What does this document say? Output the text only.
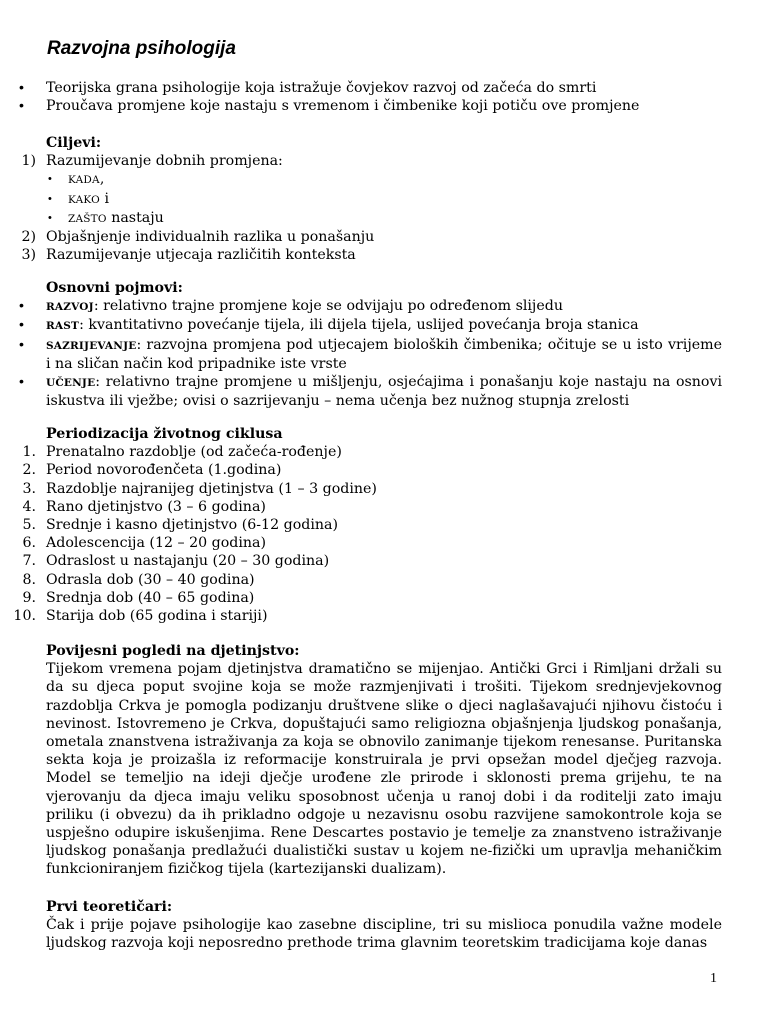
Razvojna psihologija
• Teorijska grana psihologije koja istražuje čovjekov razvoj od začeća do smrti
• Proučava promjene koje nastaju s vremenom i čimbenike koji potiču ove promjene
Ciljevi:
1) Razumijevanje dobnih promjena:
• KADA,
• KAKO i
• ZAŠTO nastaju
2) Objašnjenje individualnih razlika u ponašanju
3) Razumijevanje utjecaja različitih konteksta
Osnovni pojmovi:
• RAZVOJ: relativno trajne promjene koje se odvijaju po određenom slijedu
• RAST: kvantitativno povećanje tijela, ili dijela tijela, uslijed povećanja broja stanica
• SAZRIJEVANJE: razvojna promjena pod utjecajem bioloških čimbenika; očituje se u isto vrijeme i na sličan način kod pripadnike iste vrste
• UČENJE: relativno trajne promjene u mišljenju, osjećajima i ponašanju koje nastaju na osnovi iskustva ili vježbe; ovisi o sazrijevanju – nema učenja bez nužnog stupnja zrelosti
Periodizacija životnog ciklusa
1. Prenatalno razdoblje (od začeća-rođenje)
2. Period novorođenčeta (1.godina)
3. Razdoblje najranijeg djetinjstva (1 – 3 godine)
4. Rano djetinjstvo (3 – 6 godina)
5. Srednje i kasno djetinjstvo (6-12 godina)
6. Adolescencija (12 – 20 godina)
7. Odraslost u nastajanju (20 – 30 godina)
8. Odrasla dob (30 – 40 godina)
9. Srednja dob (40 – 65 godina)
10. Starija dob (65 godina i stariji)
Povijesni pogledi na djetinjstvo:
Tijekom vremena pojam djetinjstva dramatično se mijenjao. Antički Grci i Rimljani držali su da su djeca poput svojine koja se može razmjenjivati i trošiti. Tijekom srednjevjekovnog razdoblja Crkva je pomogla podizanju društvene slike o djeci naglašavajući njihovu čistoću i nevinost. Istovremeno je Crkva, dopuštajući samo religiozna objašnjenja ljudskog ponašanja, ometala znanstvena istraživanja za koja se obnovilo zanimanje tijekom renesanse. Puritanska sekta koja je proizašla iz reformacije konstruirala je prvi opsežan model dječjeg razvoja. Model se temeljio na ideji dječje urođene zle prirode i sklonosti prema grijehu, te na vjerovanju da djeca imaju veliku sposobnost učenja u ranoj dobi i da roditelji zato imaju priliku (i obvezu) da ih prikladno odgoje u nezavisnu osobu razvijene samokontrole koja se uspješno odupire iskušenjima. Rene Descartes postavio je temelje za znanstveno istraživanje ljudskog ponašanja predlažući dualistički sustav u kojem ne-fizički um upravlja mehaničkim funkcioniranjem fizičkog tijela (kartezijanski dualizam).
Prvi teoretičari:
Čak i prije pojave psihologije kao zasebne discipline, tri su mislioca ponudila važne modele ljudskog razvoja koji neposredno prethode trima glavnim teoretskim tradicijama koje danas
1
